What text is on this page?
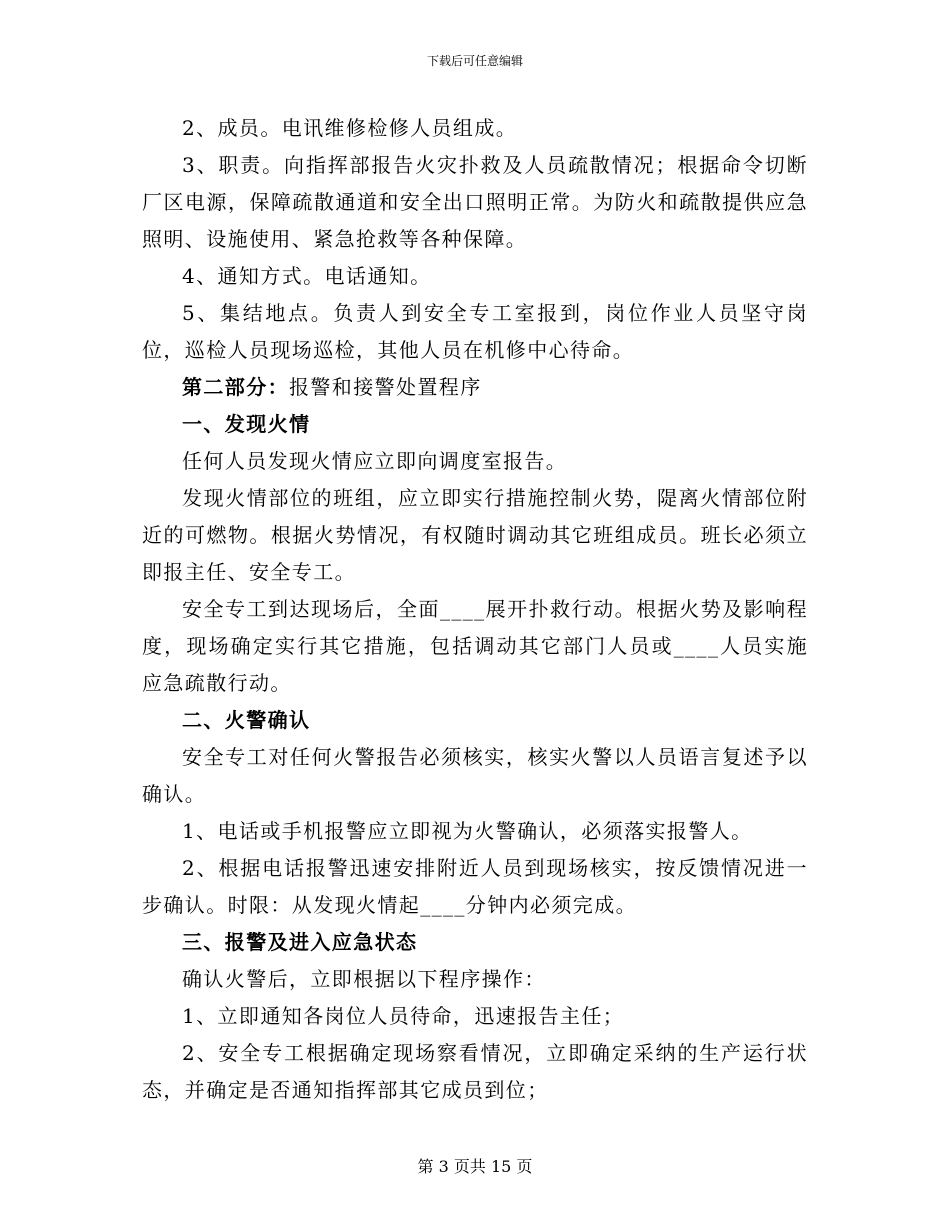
下载后可任意编辑

2、成员。电讯维修检修人员组成。

3、职责。向指挥部报告火灾扑救及人员疏散情况；根据命令切断厂区电源，保障疏散通道和安全出口照明正常。为防火和疏散提供应急照明、设施使用、紧急抢救等各种保障。

4、通知方式。电话通知。

5、集结地点。负责人到安全专工室报到，岗位作业人员坚守岗位，巡检人员现场巡检，其他人员在机修中心待命。

第二部分：报警和接警处置程序

一、发现火情

任何人员发现火情应立即向调度室报告。

发现火情部位的班组，应立即实行措施控制火势，隄离火情部位附近的可燃物。根据火势情况，有权随时调动其它班组成员。班长必须立即报主任、安全专工。

安全专工到达现场后，全面____展开扑救行动。根据火势及影响程度，现场确定实行其它措施，包括调动其它部门人员或____人员实施应急疏散行动。

二、火警确认

安全专工对任何火警报告必须核实，核实火警以人员语言复述予以确认。

1、电话或手机报警应立即视为火警确认，必须落实报警人。

2、根据电话报警迅速安排附近人员到现场核实，按反馈情况进一步确认。时限：从发现火情起____分钟内必须完成。

三、报警及进入应急状态

确认火警后，立即根据以下程序操作：

1、立即通知各岗位人员待命，迅速报告主任；

2、安全专工根据确定现场察看情况，立即确定采纳的生产运行状态，并确定是否通知指挥部其它成员到位；

第 3 页共 15 页
